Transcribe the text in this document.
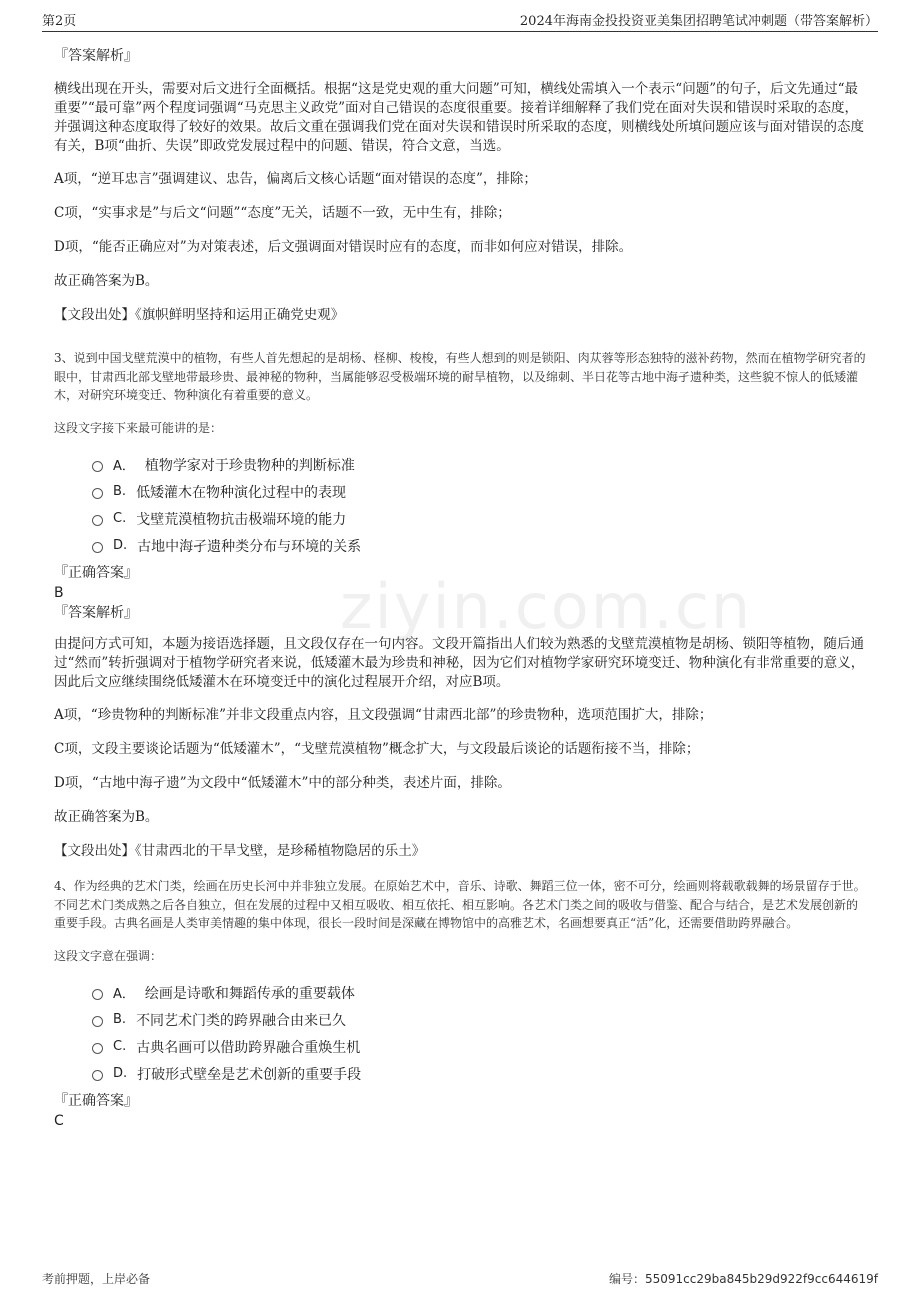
第2页	2024年海南金投投资亚美集团招聘笔试冲刺题（带答案解析）
ziyin.com.cn

『答案解析』

横线出现在开头，需要对后文进行全面概括。根据“这是党史观的重大问题”可知，横线处需填入一个表示“问题”的句子，后文先通过“最重要”“最可靠”两个程度词强调“马克思主义政党”面对自己错误的态度很重要。接着详细解释了我们党在面对失误和错误时采取的态度，并强调这种态度取得了较好的效果。故后文重在强调我们党在面对失误和错误时所采取的态度，则横线处所填问题应该与面对错误的态度有关，B项“曲折、失误”即政党发展过程中的问题、错误，符合文意，当选。

A项，“逆耳忠言”强调建议、忠告，偏离后文核心话题“面对错误的态度”，排除；

C项，“实事求是”与后文“问题”“态度”无关，话题不一致，无中生有，排除；

D项，“能否正确应对”为对策表述，后文强调面对错误时应有的态度，而非如何应对错误，排除。

故正确答案为B。

【文段出处】《旗帜鲜明坚持和运用正确党史观》

3、说到中国戈壁荒漠中的植物，有些人首先想起的是胡杨、柽柳、梭梭，有些人想到的则是锁阳、肉苁蓉等形态独特的滋补药物，然而在植物学研究者的眼中，甘肃西北部戈壁地带最珍贵、最神秘的物种，当属能够忍受极端环境的耐旱植物，以及绵刺、半日花等古地中海孑遗种类，这些貌不惊人的低矮灌木，对研究环境变迁、物种演化有着重要的意义。

这段文字接下来最可能讲的是：

A． 植物学家对于珍贵物种的判断标准
B. 低矮灌木在物种演化过程中的表现
C. 戈壁荒漠植物抗击极端环境的能力
D. 古地中海孑遗种类分布与环境的关系

『正确答案』

B

『答案解析』

由提问方式可知，本题为接语选择题，且文段仅存在一句内容。文段开篇指出人们较为熟悉的戈壁荒漠植物是胡杨、锁阳等植物，随后通过“然而”转折强调对于植物学研究者来说，低矮灌木最为珍贵和神秘，因为它们对植物学家研究环境变迁、物种演化有非常重要的意义，因此后文应继续围绕低矮灌木在环境变迁中的演化过程展开介绍，对应B项。

A项，“珍贵物种的判断标准”并非文段重点内容，且文段强调“甘肃西北部”的珍贵物种，选项范围扩大，排除；

C项，文段主要谈论话题为“低矮灌木”，“戈壁荒漠植物”概念扩大，与文段最后谈论的话题衔接不当，排除；

D项，“古地中海孑遗”为文段中“低矮灌木”中的部分种类，表述片面，排除。

故正确答案为B。

【文段出处】《甘肃西北的干旱戈壁，是珍稀植物隐居的乐土》

4、作为经典的艺术门类，绘画在历史长河中并非独立发展。在原始艺术中，音乐、诗歌、舞蹈三位一体，密不可分，绘画则将载歌载舞的场景留存于世。不同艺术门类成熟之后各自独立，但在发展的过程中又相互吸收、相互依托、相互影响。各艺术门类之间的吸收与借鉴、配合与结合，是艺术发展创新的重要手段。古典名画是人类审美情趣的集中体现，很长一段时间是深藏在博物馆中的高雅艺术，名画想要真正“活”化，还需要借助跨界融合。

这段文字意在强调：

A． 绘画是诗歌和舞蹈传承的重要载体
B. 不同艺术门类的跨界融合由来已久
C. 古典名画可以借助跨界融合重焕生机
D. 打破形式壁垒是艺术创新的重要手段

『正确答案』

C

考前押题，上岸必备	编号：55091cc29ba845b29d922f9cc644619f
